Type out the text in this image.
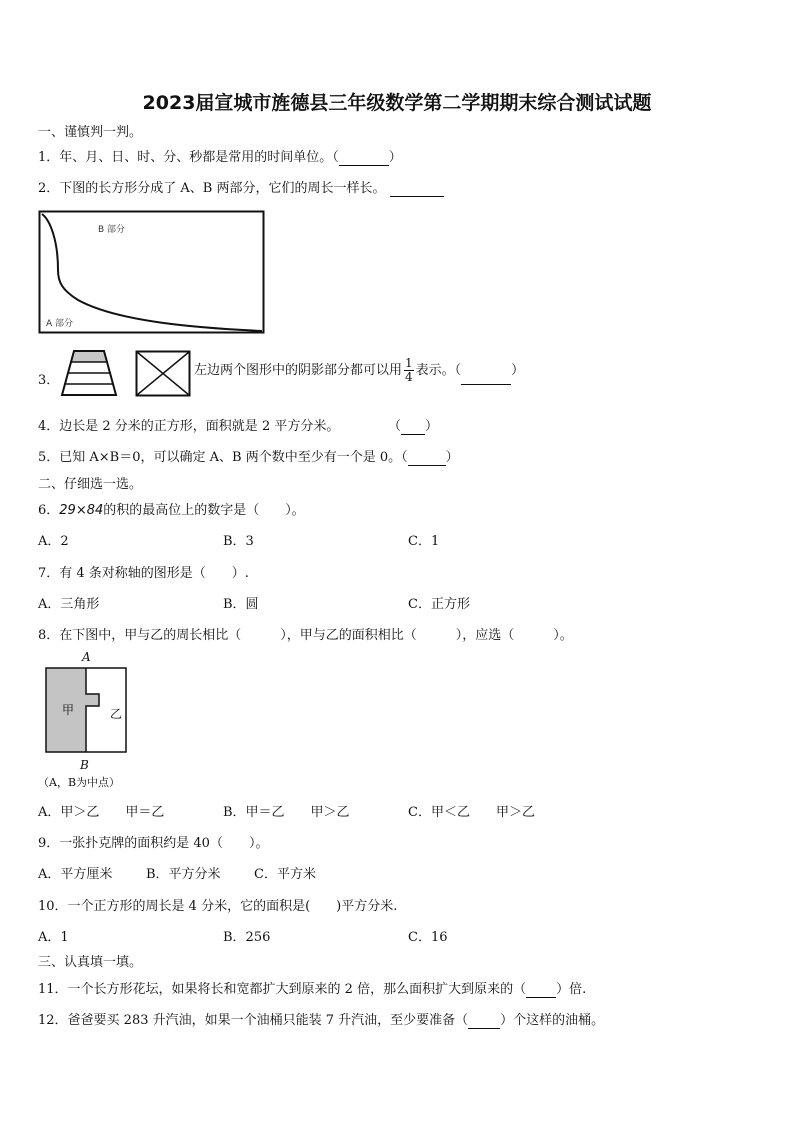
2023届宣城市旌德县三年级数学第二学期期末综合测试试题
一、谨慎判一判。
1．年、月、日、时、分、秒都是常用的时间单位。（	）
2．下图的长方形分成了 A、B 两部分，它们的周长一样长。
B 部分
A 部分
3．
左边两个图形中的阴影部分都可以用 $\frac{1}{4}$ 表示。（	）
4．边长是 2 分米的正方形，面积就是 2 平方分米。	（ ）
5．已知 A×B＝0，可以确定 A、B 两个数中至少有一个是 0。（	）
二、仔细选一选。
6．29×84的积的最高位上的数字是（　　）。
A．2	B．3	C．1
7．有 4 条对称轴的图形是（　　）.
A．三角形	B．圆	C．正方形
8．在下图中，甲与乙的周长相比（　　　），甲与乙的面积相比（　　　），应选（　　　）。
A
甲	乙
B
（A，B为中点）
A．甲＞乙　　甲＝乙	B．甲＝乙　　甲＞乙	C．甲＜乙　　甲＞乙
9．一张扑克牌的面积约是 40（　　）。
A．平方厘米	B．平方分米	C．平方米
10．一个正方形的周长是 4 分米，它的面积是(　　)平方分米.
A．1	B．256	C．16
三、认真填一填。
11．一个长方形花坛，如果将长和宽都扩大到原来的 2 倍，那么面积扩大到原来的（ ）倍.
12．爸爸要买 283 升汽油，如果一个油桶只能装 7 升汽油，至少要准备（ ）个这样的油桶。
